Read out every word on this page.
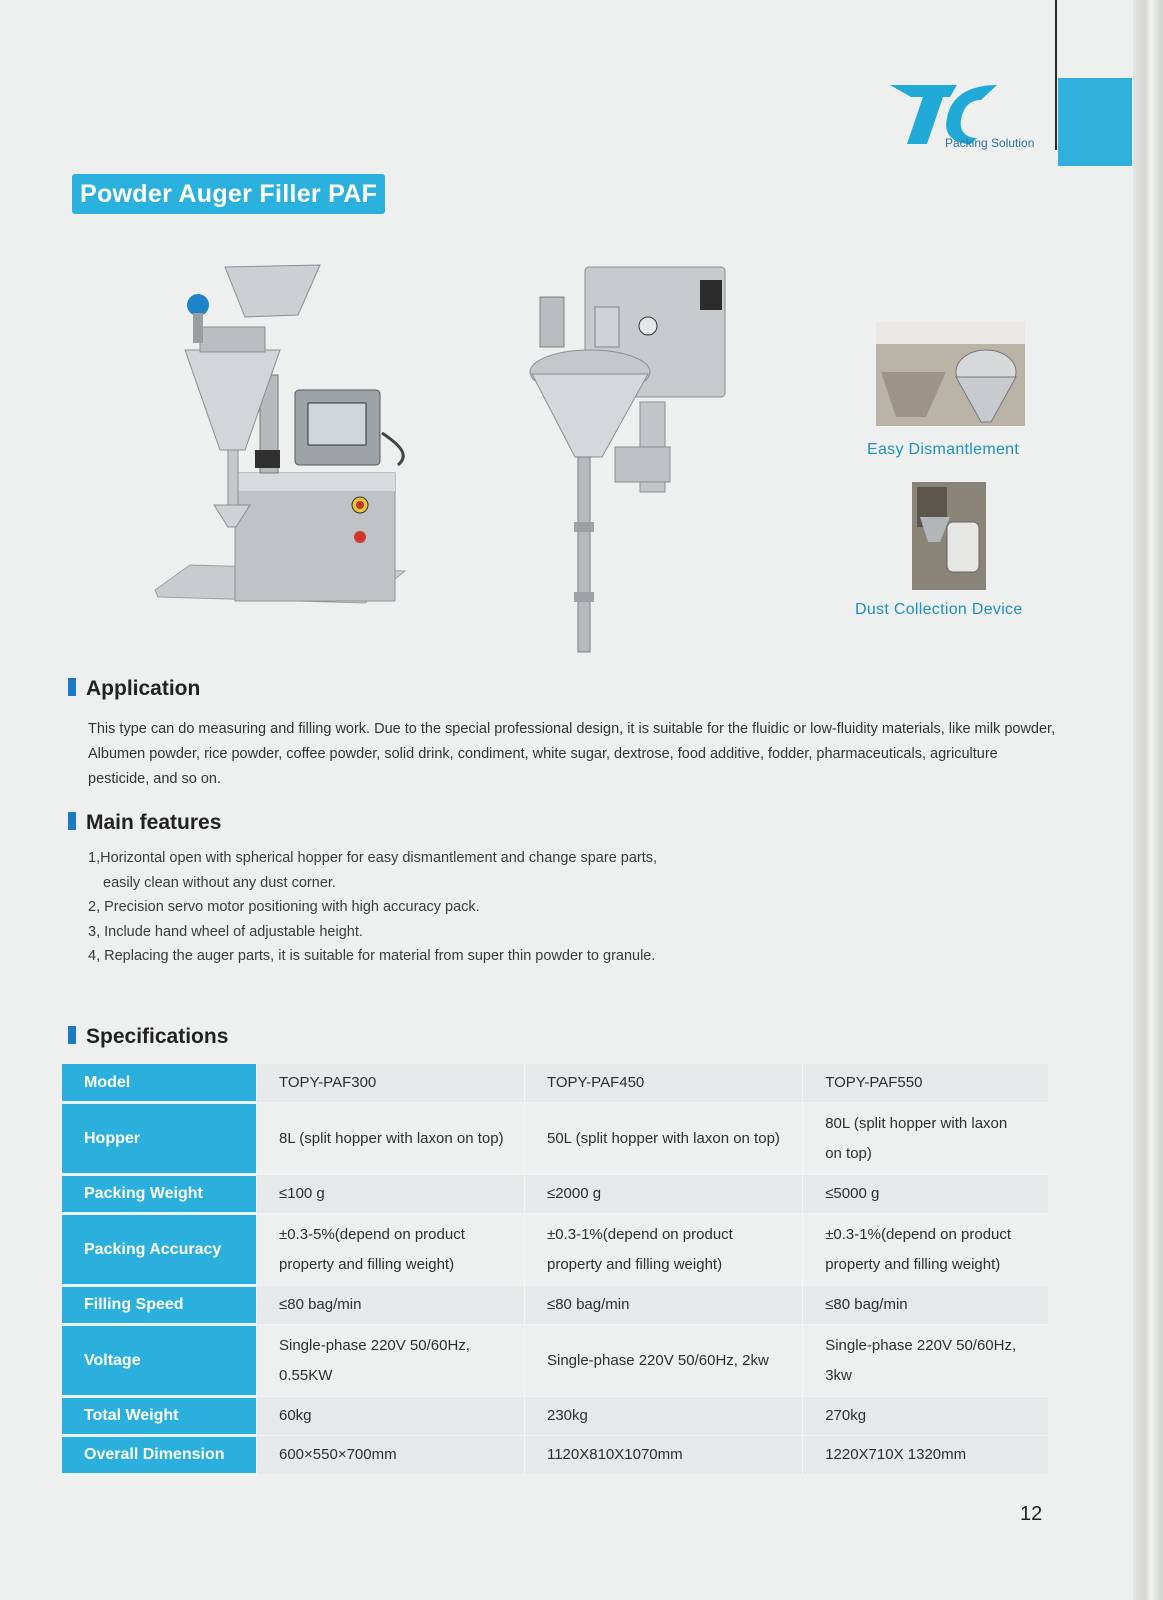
Packing Solution
Powder Auger Filler PAF
Easy Dismantlement
Dust Collection Device
Application

This type can do measuring and filling work. Due to the special professional design, it is suitable for the fluidic or low-fluidity materials, like milk powder, Albumen powder, rice powder, coffee powder, solid drink, condiment, white sugar, dextrose, food additive, fodder, pharmaceuticals, agriculture pesticide, and so on.

Main features
1,Horizontal open with spherical hopper for easy dismantlement and change spare parts,
easily clean without any dust corner.
2, Precision servo motor positioning with high accuracy pack.
3, Include hand wheel of adjustable height.
4, Replacing the auger parts, it is suitable for material from super thin powder to granule.
Specifications
Model	TOPY-PAF300	TOPY-PAF450	TOPY-PAF550
Hopper	8L (split hopper with laxon on top)	50L (split hopper with laxon on top)	80L (split hopper with laxon on top)
Packing Weight	≤100 g	≤2000 g	≤5000 g
Packing Accuracy	±0.3-5%(depend on product property and filling weight)	±0.3-1%(depend on product property and filling weight)	±0.3-1%(depend on product property and filling weight)
Filling Speed	≤80 bag/min	≤80 bag/min	≤80 bag/min
Voltage	Single-phase 220V 50/60Hz, 0.55KW	Single-phase 220V 50/60Hz, 2kw	Single-phase 220V 50/60Hz, 3kw
Total Weight	60kg	230kg	270kg
Overall Dimension	600×550×700mm	1120X810X1070mm	1220X710X 1320mm
12
